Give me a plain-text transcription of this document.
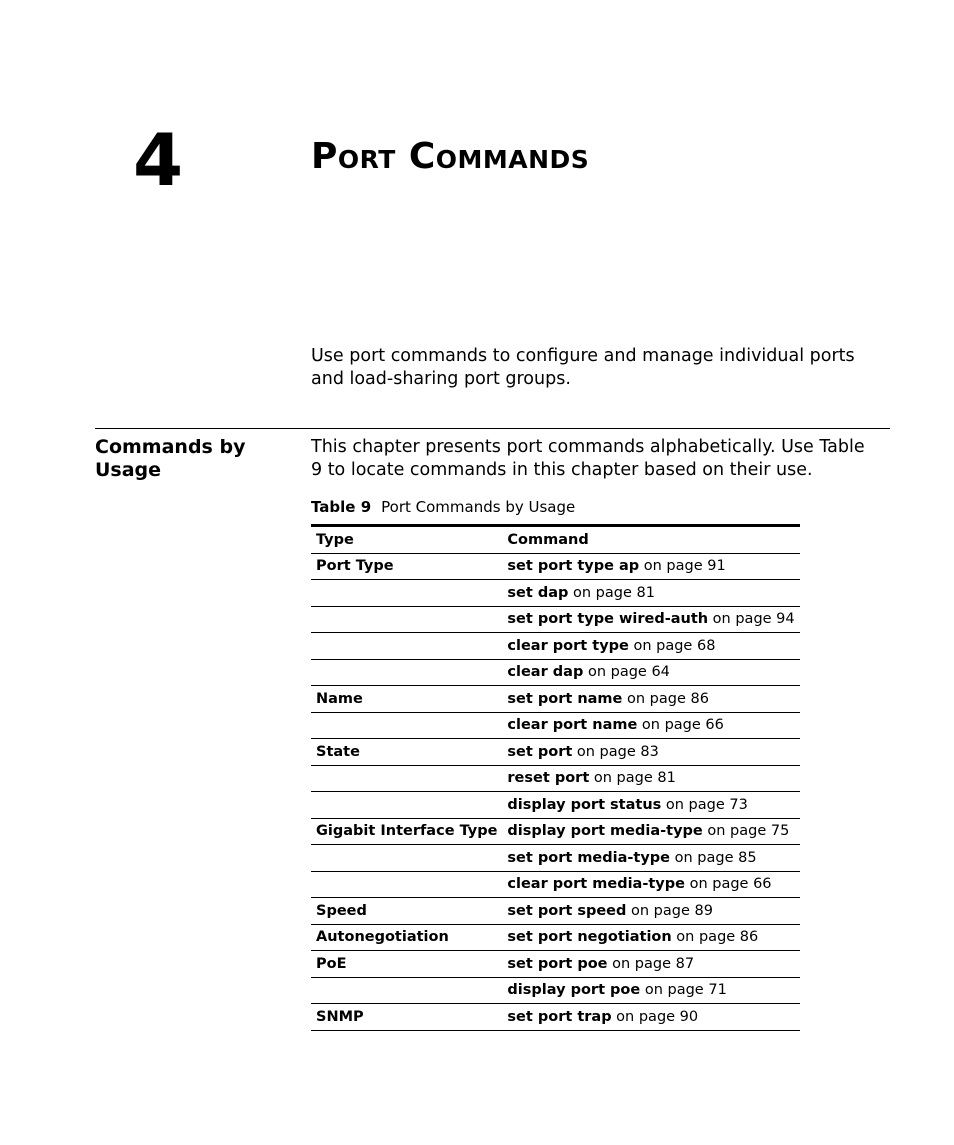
4	Port Commands
Use port commands to configure and manage individual ports and load-sharing port groups.
Commands by Usage
This chapter presents port commands alphabetically. Use Table 9 to locate commands in this chapter based on their use.
Table 9 Port Commands by Usage
Type	Command
Port Type	set port type ap on page 91
	set dap on page 81
	set port type wired-auth on page 94
	clear port type on page 68
	clear dap on page 64
Name	set port name on page 86
	clear port name on page 66
State	set port on page 83
	reset port on page 81
	display port status on page 73
Gigabit Interface Type	display port media-type on page 75
	set port media-type on page 85
	clear port media-type on page 66
Speed	set port speed on page 89
Autonegotiation	set port negotiation on page 86
PoE	set port poe on page 87
	display port poe on page 71
SNMP	set port trap on page 90
